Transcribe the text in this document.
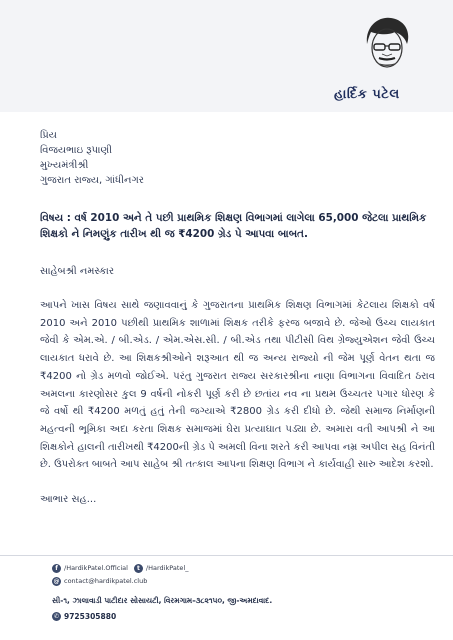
હાર્દિક પટેલ

પ્રિય

વિજયભાઇ રૂપાણી

મુખ્યમંત્રીશ્રી

ગુજરાત રાજ્ય, ગાંધીનગર

વિષય : વર્ષ 2010 અને તે પછી પ્રાથમિક શિક્ષણ વિભાગમાં લાગેલા 65,000 જેટલા પ્રાથમિક શિક્ષકો ને નિમણુંક તારીખ થી જ ₹4200 ગ્રેડ પે આપવા બાબત.
સાહેબશ્રી નમસ્કાર
આપને ખાસ વિષય સાથે જણાવવાનું કે ગુજરાતના પ્રાથમિક શિક્ષણ વિભાગમાં કેટલાય શિક્ષકો વર્ષ 2010 અને 2010 પછીથી પ્રાથમિક શાળામાં શિક્ષક તરીકે ફરજ બજાવે છે. જેઓ ઉચ્ચ લાયકાત જેવી કે એમ.એ. / બી.એડ. / એમ.એસ.સી. / બી.એડ તથા પીટીસી વિથ ગ્રેજ્યુએશન જેવી ઉચ્ચ લાયકાત ધરાવે છે. આ શિક્ષકશ્રીઓને શરૂઆત થી જ અન્ય રાજ્યો ની જેમ પૂર્ણ વેતન થતા જ ₹4200 નો ગ્રેડ મળવો જોઈએ. પરંતુ ગુજરાત રાજ્ય સરકારશ્રીના નાણા વિભાગના વિવાદિત ઠરાવ અમલના કારણોસર કુલ 9 વર્ષની નોકરી પૂર્ણ કરી છે છતાંય નવ ના પ્રથમ ઉચ્ચતર પગાર ધોરણ કે જે વર્ષો થી ₹4200 મળતું હતું તેની જગ્યાએ ₹2800 ગ્રેડ કરી દીધો છે. જેથી સમાજ નિર્માણની મહત્વની ભૂમિકા અદા કરતા શિક્ષક સમાજમાં ઘેરા પ્રત્યાઘાત પડ્યા છે. અમારા વતી આપશ્રી ને આ શિક્ષકોને હાલની તારીખથી ₹4200ની ગ્રેડ પે અમલી વિના શરતે કરી આપવા નમ્ર અપીલ સહ વિનંતી છે. ઉપરોક્ત બાબતે આપ સાહેબ શ્રી તત્કાલ આપના શિક્ષણ વિભાગ ને કાર્યવાહી સારુ આદેશ કરશો.
આભાર સહ...
f /HardikPatel.Official	t /HardikPatel_
@ contact@hardikpatel.club
સી-૧, ઝાલાવાડી પાટીદાર સોસાયટી, વિરમગામ-૩૮૨૧૫૦, જી-અમદાવાદ.
✆ 9725305880
